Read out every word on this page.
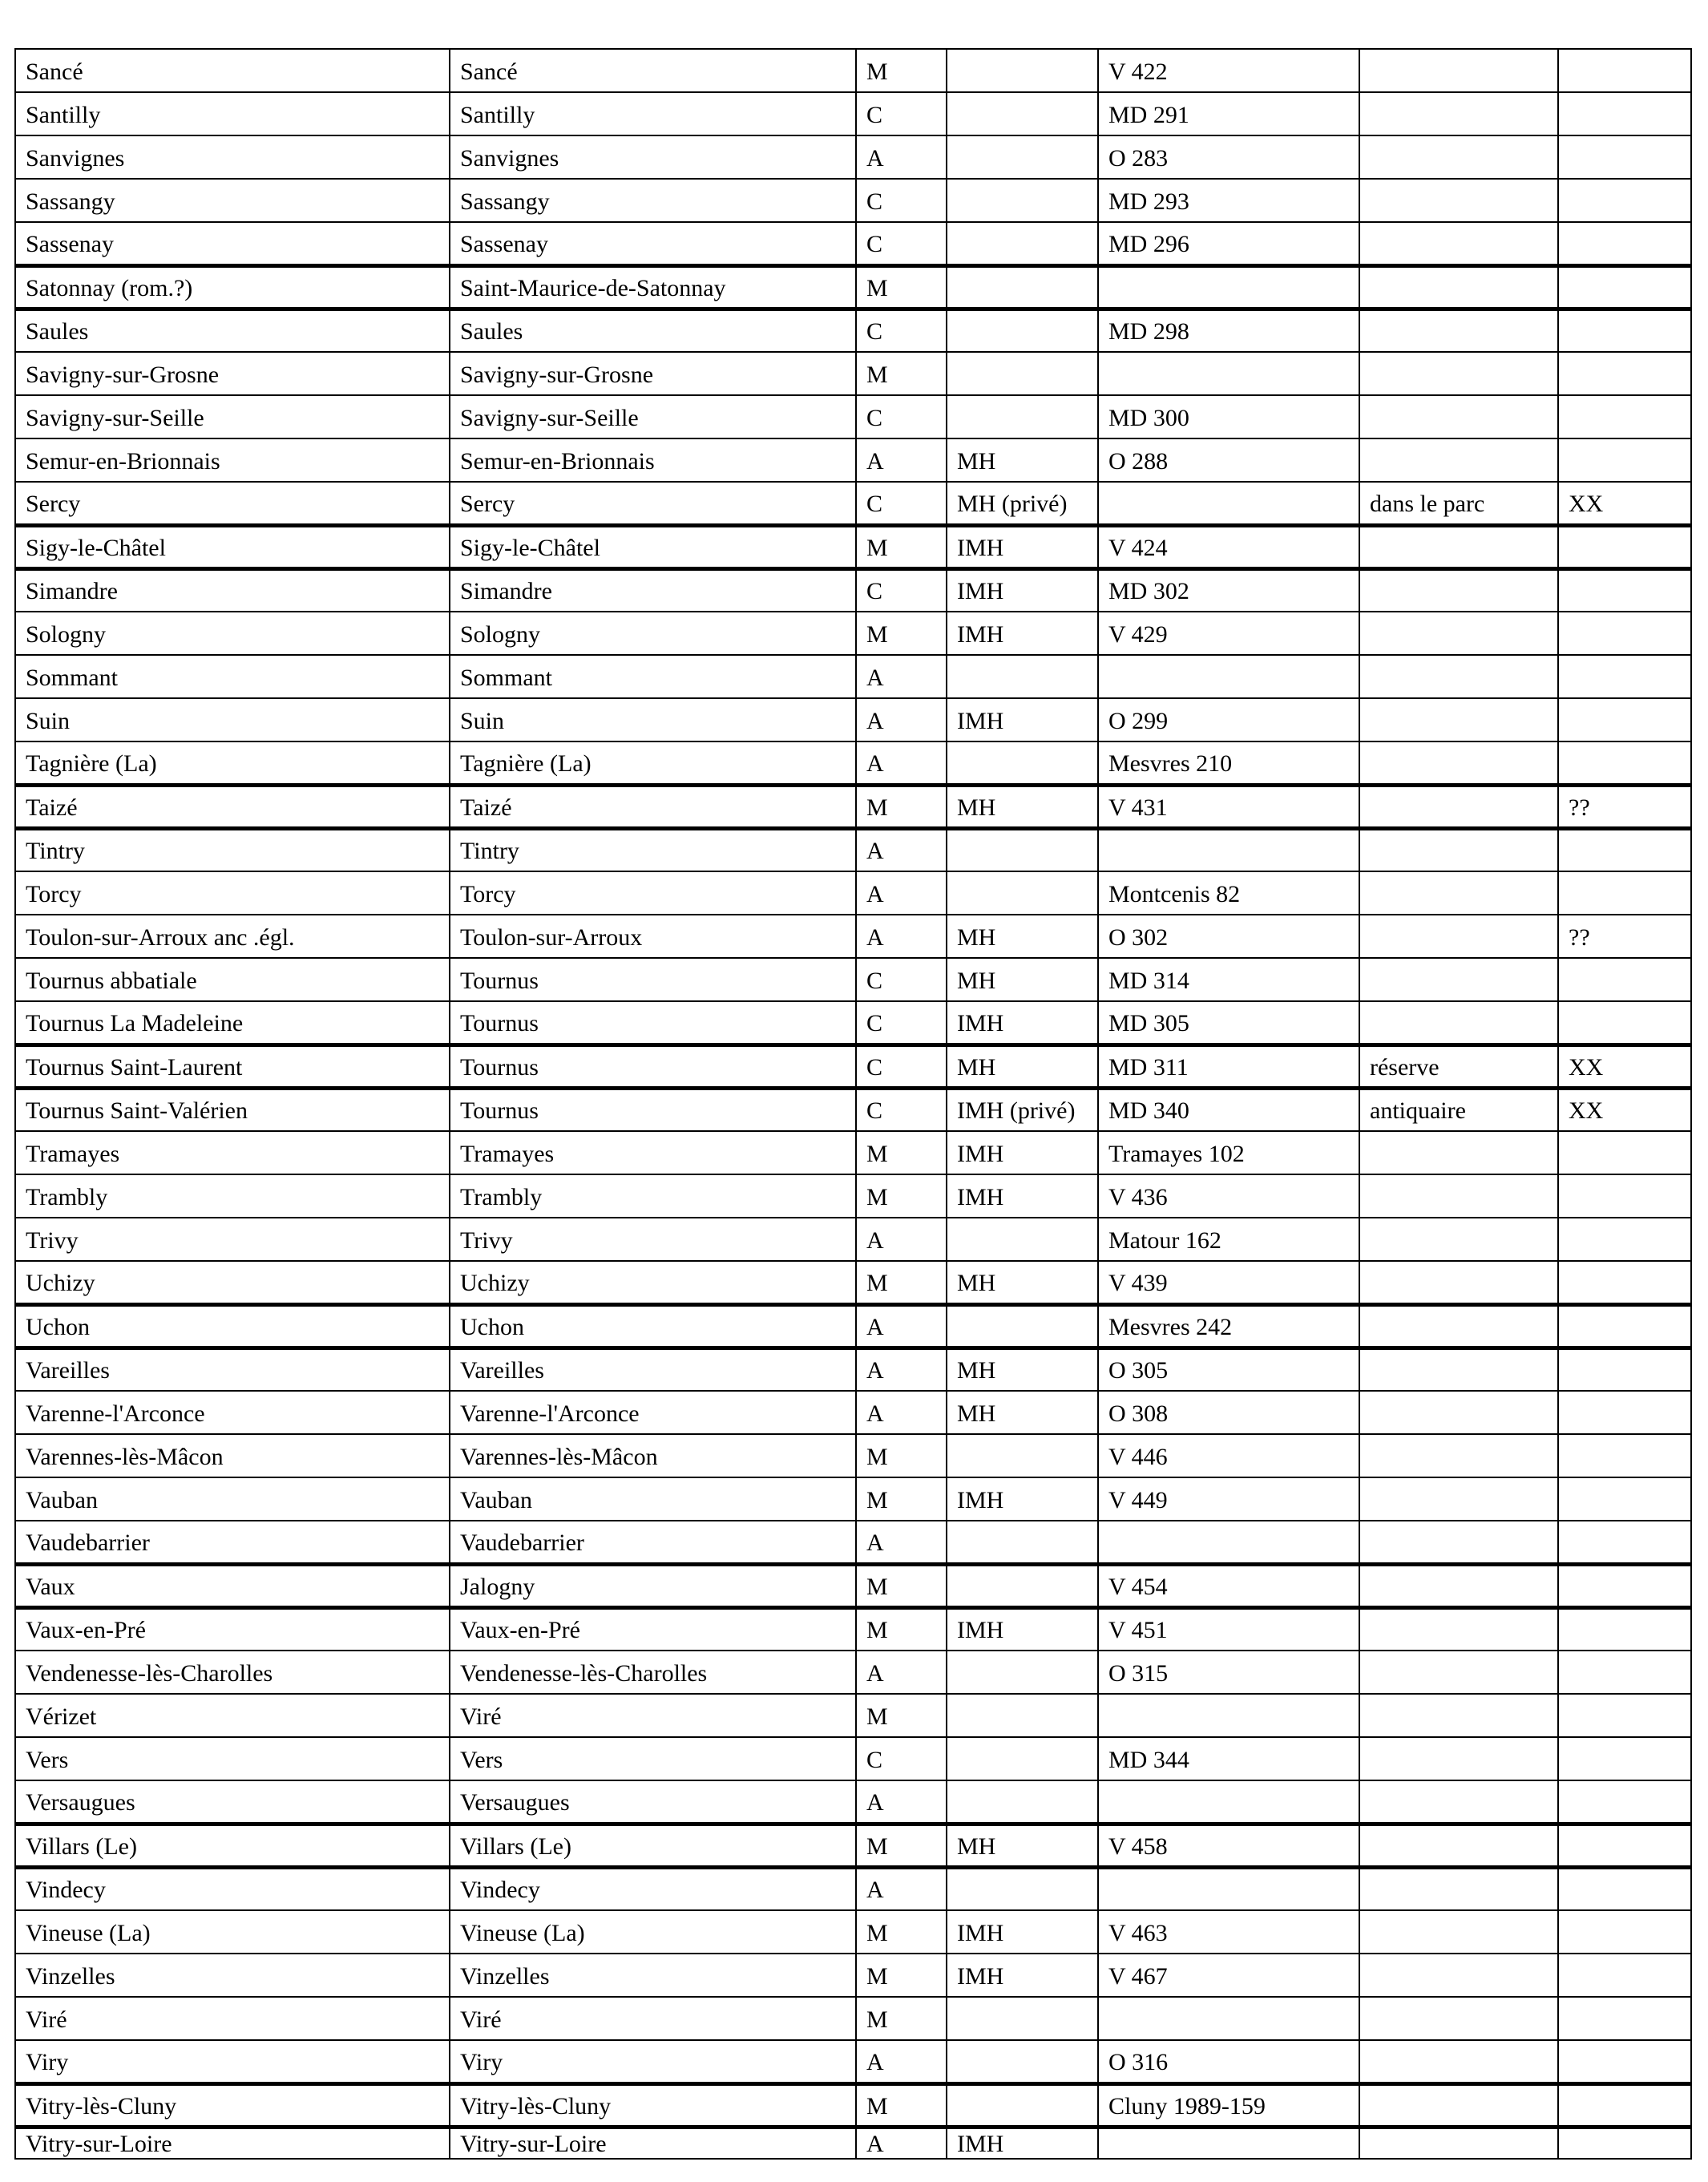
Sancé	Sancé	M		V 422		
Santilly	Santilly	C		MD 291		
Sanvignes	Sanvignes	A		O 283		
Sassangy	Sassangy	C		MD 293		
Sassenay	Sassenay	C		MD 296		
Satonnay (rom.?)	Saint-Maurice-de-Satonnay	M				
Saules	Saules	C		MD 298		
Savigny-sur-Grosne	Savigny-sur-Grosne	M				
Savigny-sur-Seille	Savigny-sur-Seille	C		MD 300		
Semur-en-Brionnais	Semur-en-Brionnais	A	MH	O 288		
Sercy	Sercy	C	MH (privé)		dans le parc	XX
Sigy-le-Châtel	Sigy-le-Châtel	M	IMH	V 424		
Simandre	Simandre	C	IMH	MD 302		
Sologny	Sologny	M	IMH	V 429		
Sommant	Sommant	A				
Suin	Suin	A	IMH	O 299		
Tagnière (La)	Tagnière (La)	A		Mesvres 210		
Taizé	Taizé	M	MH	V 431		??
Tintry	Tintry	A				
Torcy	Torcy	A		Montcenis 82		
Toulon-sur-Arroux anc .égl.	Toulon-sur-Arroux	A	MH	O 302		??
Tournus abbatiale	Tournus	C	MH	MD 314		
Tournus La Madeleine	Tournus	C	IMH	MD 305		
Tournus Saint-Laurent	Tournus	C	MH	MD 311	réserve	XX
Tournus Saint-Valérien	Tournus	C	IMH (privé)	MD 340	antiquaire	XX
Tramayes	Tramayes	M	IMH	Tramayes 102		
Trambly	Trambly	M	IMH	V 436		
Trivy	Trivy	A		Matour 162		
Uchizy	Uchizy	M	MH	V 439		
Uchon	Uchon	A		Mesvres 242		
Vareilles	Vareilles	A	MH	O 305		
Varenne-l'Arconce	Varenne-l'Arconce	A	MH	O 308		
Varennes-lès-Mâcon	Varennes-lès-Mâcon	M		V 446		
Vauban	Vauban	M	IMH	V 449		
Vaudebarrier	Vaudebarrier	A				
Vaux	Jalogny	M		V 454		
Vaux-en-Pré	Vaux-en-Pré	M	IMH	V 451		
Vendenesse-lès-Charolles	Vendenesse-lès-Charolles	A		O 315		
Vérizet	Viré	M				
Vers	Vers	C		MD 344		
Versaugues	Versaugues	A				
Villars (Le)	Villars (Le)	M	MH	V 458		
Vindecy	Vindecy	A				
Vineuse (La)	Vineuse (La)	M	IMH	V 463		
Vinzelles	Vinzelles	M	IMH	V 467		
Viré	Viré	M				
Viry	Viry	A		O 316		
Vitry-lès-Cluny	Vitry-lès-Cluny	M		Cluny 1989-159		
Vitry-sur-Loire	Vitry-sur-Loire	A	IMH			
